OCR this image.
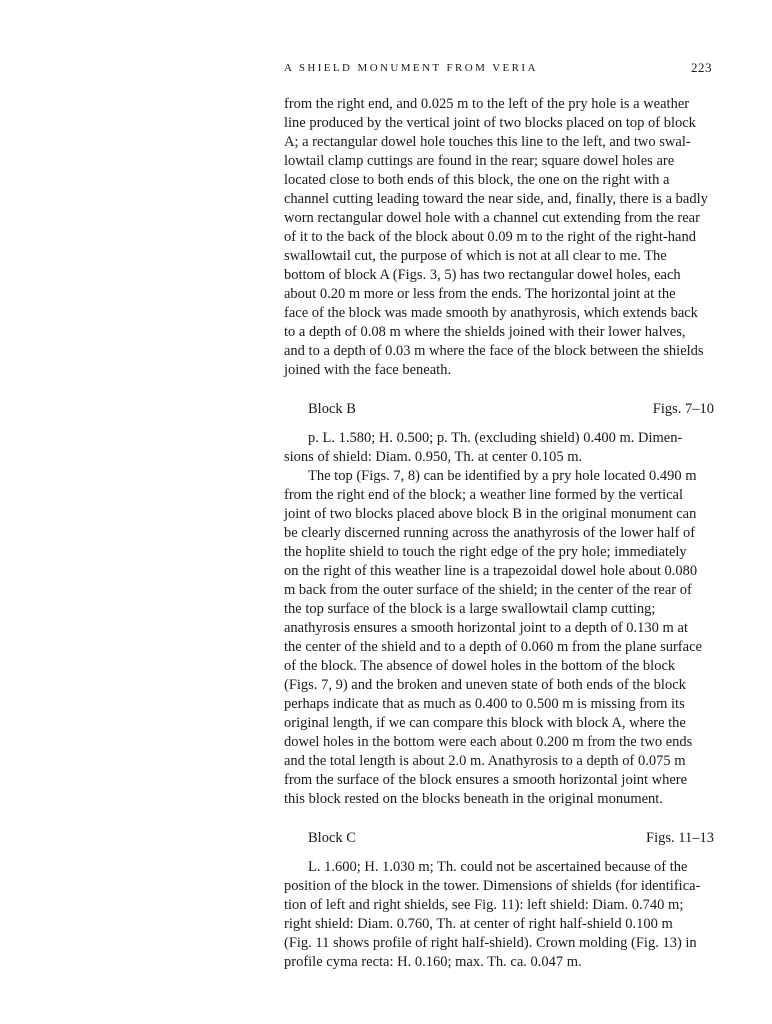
A SHIELD MONUMENT FROM VERIA	223

from the right end, and 0.025 m to the left of the pry hole is a weather
line produced by the vertical joint of two blocks placed on top of block
A; a rectangular dowel hole touches this line to the left, and two swal-
lowtail clamp cuttings are found in the rear; square dowel holes are
located close to both ends of this block, the one on the right with a
channel cutting leading toward the near side, and, finally, there is a badly
worn rectangular dowel hole with a channel cut extending from the rear
of it to the back of the block about 0.09 m to the right of the right-hand
swallowtail cut, the purpose of which is not at all clear to me. The
bottom of block A (Figs. 3, 5) has two rectangular dowel holes, each
about 0.20 m more or less from the ends. The horizontal joint at the
face of the block was made smooth by anathyrosis, which extends back
to a depth of 0.08 m where the shields joined with their lower halves,
and to a depth of 0.03 m where the face of the block between the shields
joined with the face beneath.

Block B	Figs. 7–10

p. L. 1.580; H. 0.500; p. Th. (excluding shield) 0.400 m. Dimen-
sions of shield: Diam. 0.950, Th. at center 0.105 m.

The top (Figs. 7, 8) can be identified by a pry hole located 0.490 m
from the right end of the block; a weather line formed by the vertical
joint of two blocks placed above block B in the original monument can
be clearly discerned running across the anathyrosis of the lower half of
the hoplite shield to touch the right edge of the pry hole; immediately
on the right of this weather line is a trapezoidal dowel hole about 0.080
m back from the outer surface of the shield; in the center of the rear of
the top surface of the block is a large swallowtail clamp cutting;
anathyrosis ensures a smooth horizontal joint to a depth of 0.130 m at
the center of the shield and to a depth of 0.060 m from the plane surface
of the block. The absence of dowel holes in the bottom of the block
(Figs. 7, 9) and the broken and uneven state of both ends of the block
perhaps indicate that as much as 0.400 to 0.500 m is missing from its
original length, if we can compare this block with block A, where the
dowel holes in the bottom were each about 0.200 m from the two ends
and the total length is about 2.0 m. Anathyrosis to a depth of 0.075 m
from the surface of the block ensures a smooth horizontal joint where
this block rested on the blocks beneath in the original monument.

Block C	Figs. 11–13

L. 1.600; H. 1.030 m; Th. could not be ascertained because of the
position of the block in the tower. Dimensions of shields (for identifica-
tion of left and right shields, see Fig. 11): left shield: Diam. 0.740 m;
right shield: Diam. 0.760, Th. at center of right half-shield 0.100 m
(Fig. 11 shows profile of right half-shield). Crown molding (Fig. 13) in
profile cyma recta: H. 0.160; max. Th. ca. 0.047 m.
